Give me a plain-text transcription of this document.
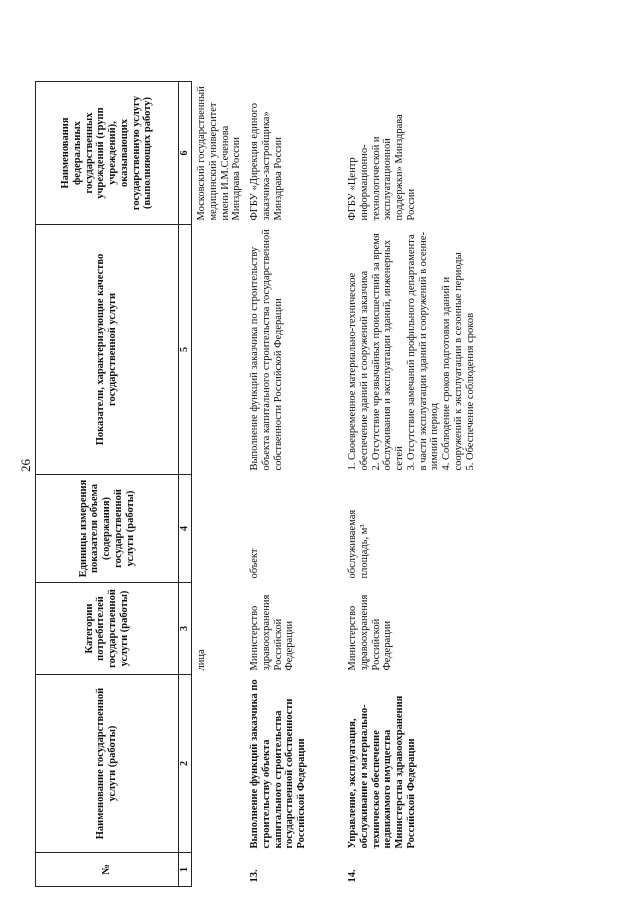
26
№	Наименование государственной услуги (работы)	Категории потребителей государственной услуги (работы)	Единицы измерения показателя объема (содержания) государственной услуги (работы)	Показатели, характеризующие качество государственной услуги	Наименования федеральных государственных учреждений (групп учреждений), оказывающих государственную услугу (выполняющих работу)
1	2	3	4	5	6
		лица			Московский государственный медицинский университет имени И.М.Сеченова Минздрава России
13.	Выполнение функций заказчика по строительству объекта капитального строительства государственной собственности Российской Федерации	Министерство здравоохранения Российской Федерации	объект	Выполнение функций заказчика по строительству объекта капитального строительства государственной собственности Российской Федерации	ФГБУ «Дирекция единого заказчика-застройщика» Минздрава России
14.	Управление, эксплуатация, обслуживание и материально-техническое обеспечение недвижимого имущества Министерства здравоохранения Российской Федерации	Министерство здравоохранения Российской Федерации	обслуживаемая площадь, м³	1. Своевременное материально-техническое обеспечение зданий и сооружений заказчика 2. Отсутствие чрезвычайных происшествий за время обслуживания и эксплуатации зданий, инженерных сетей 3. Отсутствие замечаний профильного департамента в части эксплуатации зданий и сооружений в осенне-зимний период 4. Соблюдение сроков подготовки зданий и сооружений к эксплуатации в сезонные периоды 5. Обеспечение соблюдения сроков	ФГБУ «Центр информационно-технологической и эксплуатационной поддержки» Минздрава России
